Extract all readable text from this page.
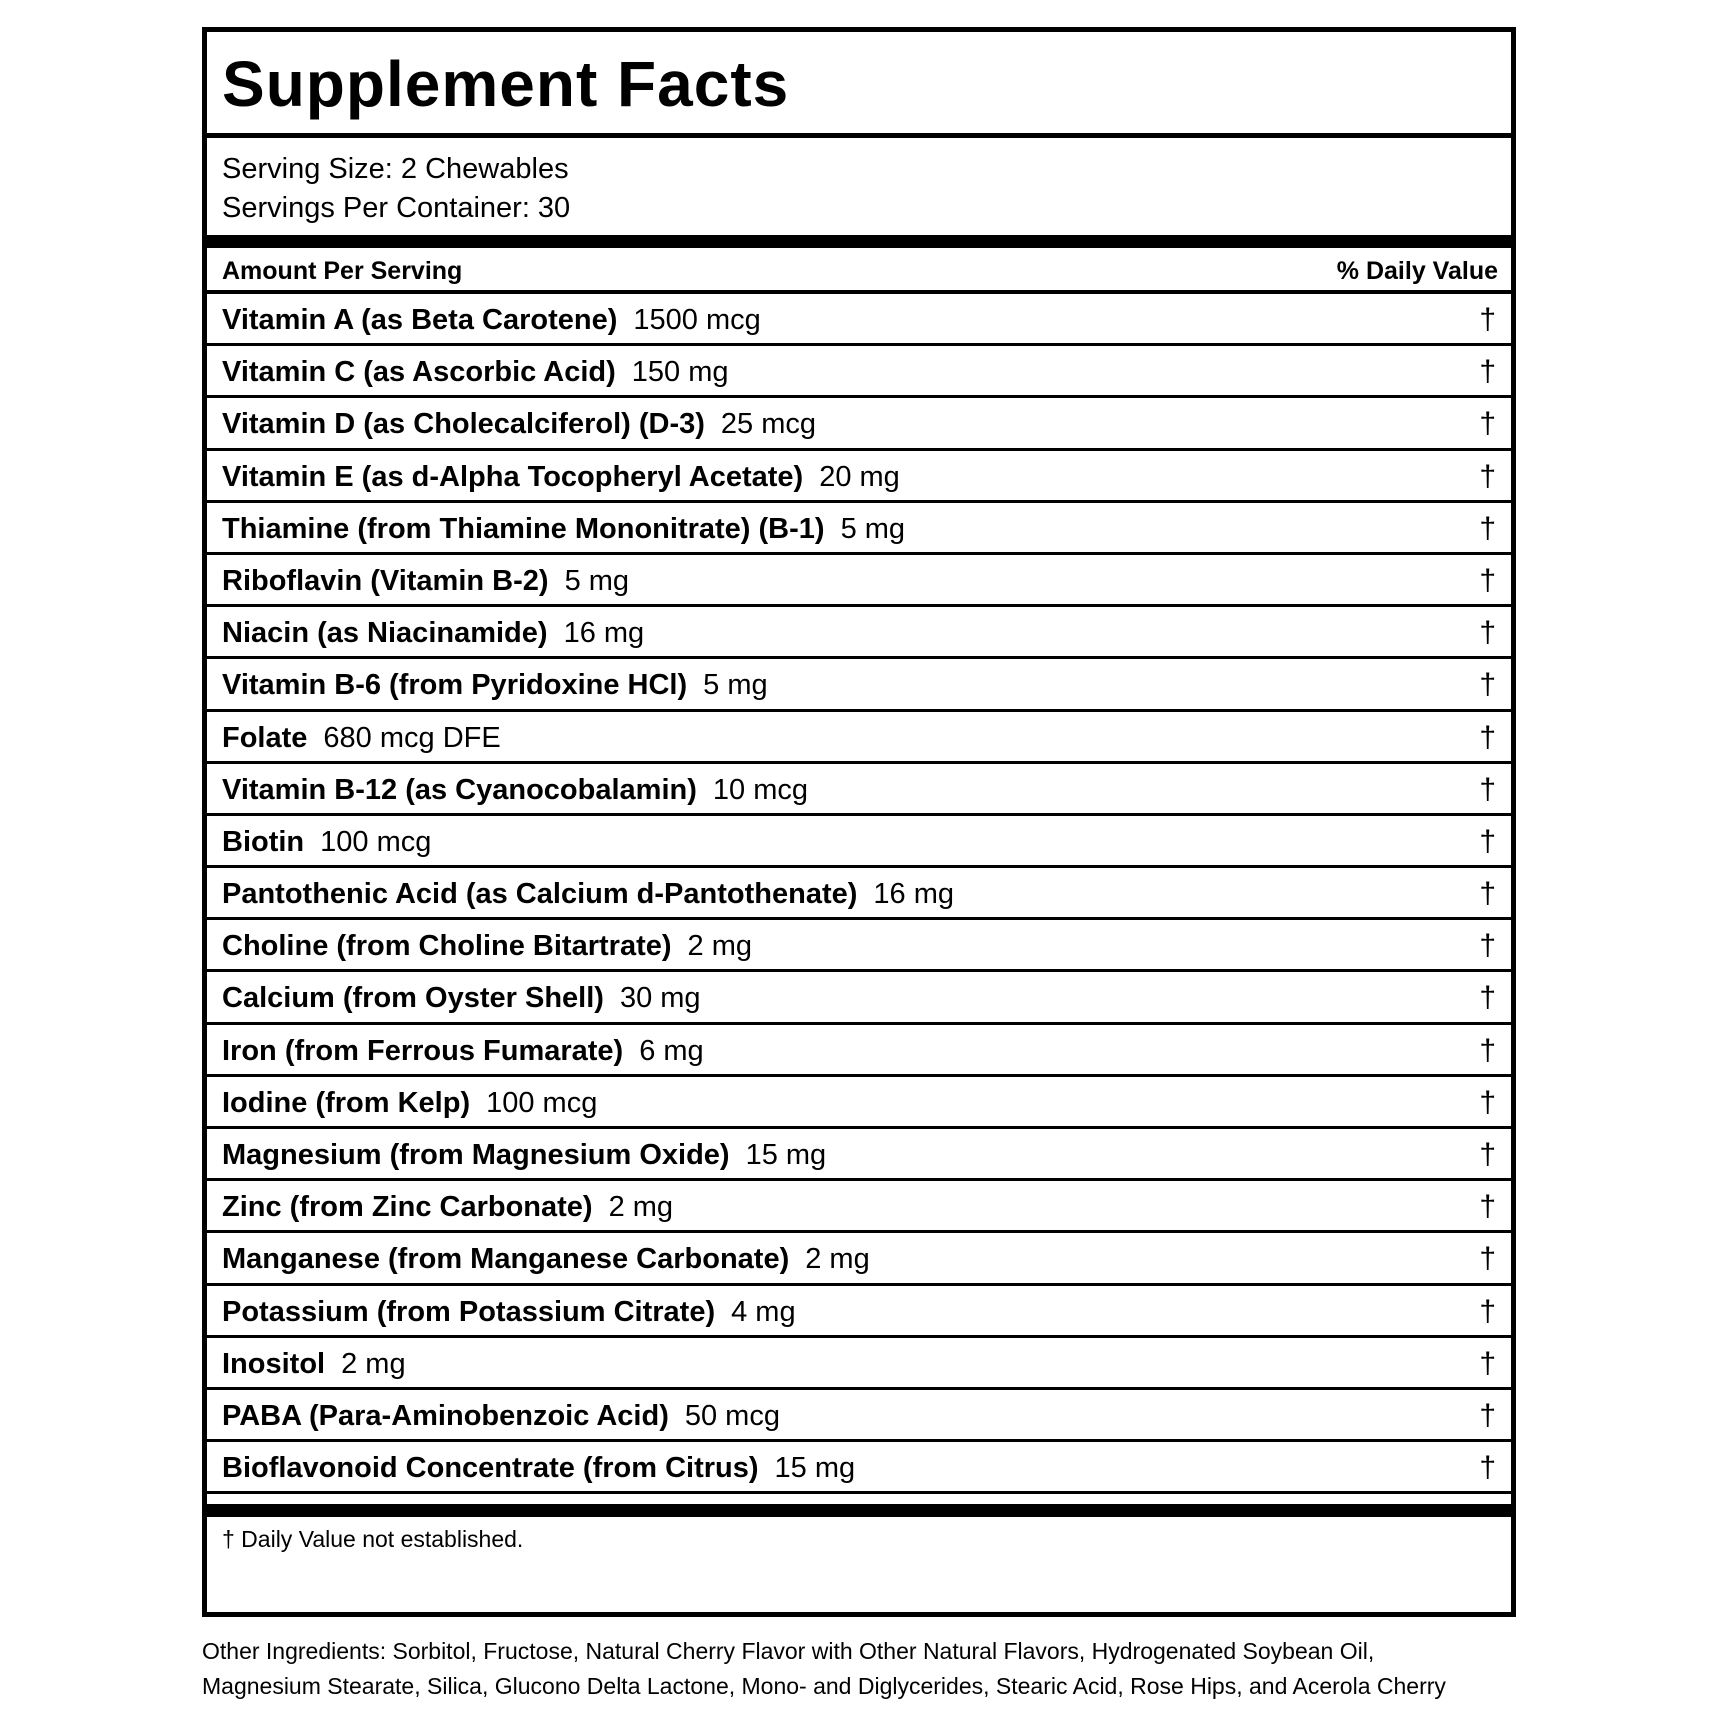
Supplement Facts
Serving Size: 2 Chewables
Servings Per Container: 30
Amount Per Serving	% Daily Value
Vitamin A (as Beta Carotene) 1500 mcg	†
Vitamin C (as Ascorbic Acid) 150 mg	†
Vitamin D (as Cholecalciferol) (D-3) 25 mcg	†
Vitamin E (as d-Alpha Tocopheryl Acetate) 20 mg	†
Thiamine (from Thiamine Mononitrate) (B-1) 5 mg	†
Riboflavin (Vitamin B-2) 5 mg	†
Niacin (as Niacinamide) 16 mg	†
Vitamin B-6 (from Pyridoxine HCl) 5 mg	†
Folate 680 mcg DFE	†
Vitamin B-12 (as Cyanocobalamin) 10 mcg	†
Biotin 100 mcg	†
Pantothenic Acid (as Calcium d-Pantothenate) 16 mg	†
Choline (from Choline Bitartrate) 2 mg	†
Calcium (from Oyster Shell) 30 mg	†
Iron (from Ferrous Fumarate) 6 mg	†
Iodine (from Kelp) 100 mcg	†
Magnesium (from Magnesium Oxide) 15 mg	†
Zinc (from Zinc Carbonate) 2 mg	†
Manganese (from Manganese Carbonate) 2 mg	†
Potassium (from Potassium Citrate) 4 mg	†
Inositol 2 mg	†
PABA (Para-Aminobenzoic Acid) 50 mcg	†
Bioflavonoid Concentrate (from Citrus) 15 mg	†
† Daily Value not established.
Other Ingredients: Sorbitol, Fructose, Natural Cherry Flavor with Other Natural Flavors, Hydrogenated Soybean Oil,
Magnesium Stearate, Silica, Glucono Delta Lactone, Mono- and Diglycerides, Stearic Acid, Rose Hips, and Acerola Cherry
